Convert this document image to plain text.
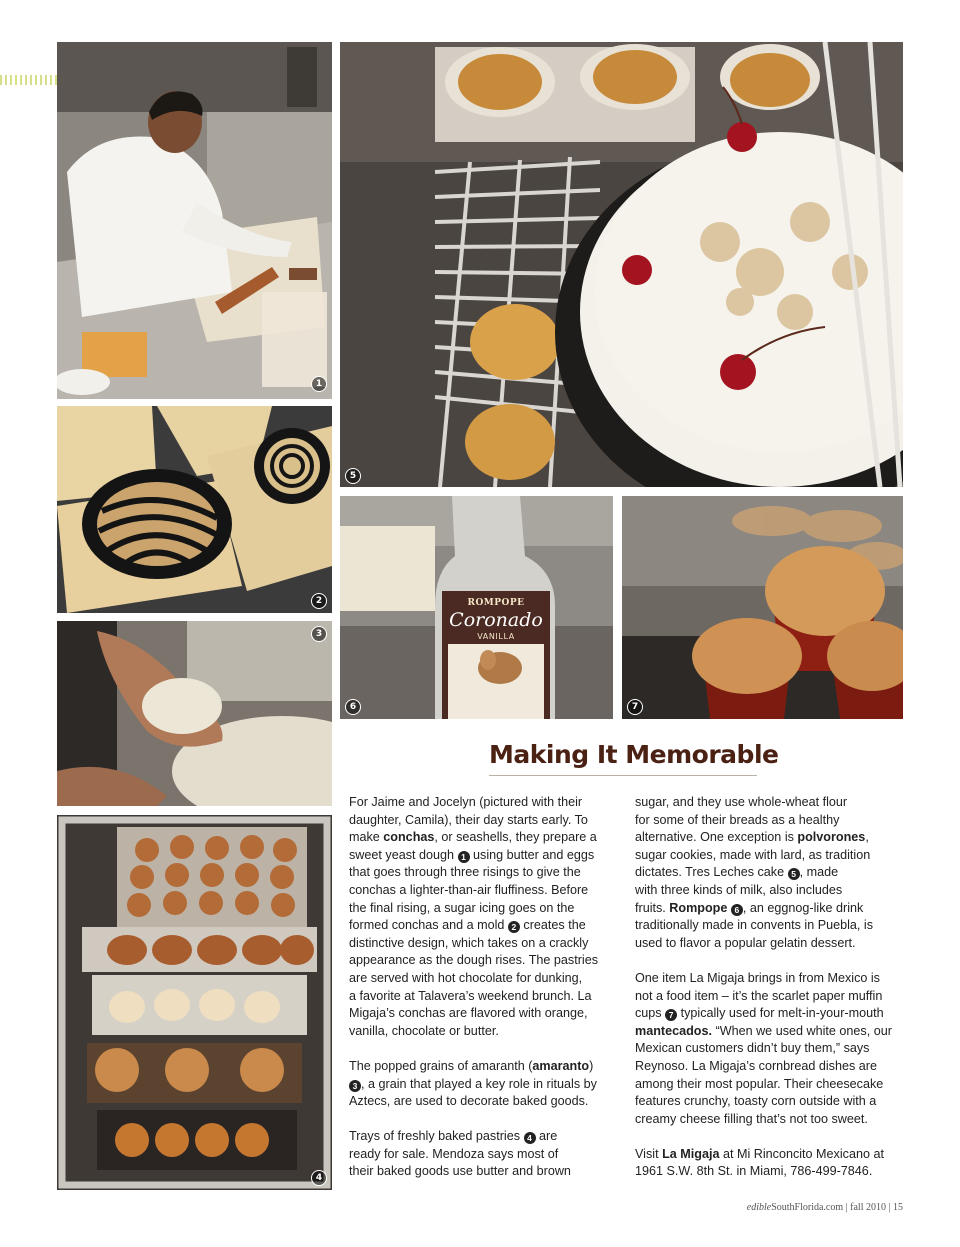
1
2
3
4
5
ROMPOPE
Coronado
VANILLA
6	7
Making It Memorable

For Jaime and Jocelyn (pictured with their
daughter, Camila), their day starts early. To
make conchas, or seashells, they prepare a
sweet yeast dough 1 using butter and eggs
that goes through three risings to give the
conchas a lighter-than-air fluffiness. Before
the final rising, a sugar icing goes on the
formed conchas and a mold 2 creates the
distinctive design, which takes on a crackly
appearance as the dough rises. The pastries
are served with hot chocolate for dunking,
a favorite at Talavera’s weekend brunch. La
Migaja’s conchas are flavored with orange,
vanilla, chocolate or butter.

The popped grains of amaranth (amaranto)
3 , a grain that played a key role in rituals by
Aztecs, are used to decorate baked goods.

Trays of freshly baked pastries 4 are
ready for sale. Mendoza says most of
their baked goods use butter and brown

sugar, and they use whole-wheat flour
for some of their breads as a healthy
alternative. One exception is polvorones,
sugar cookies, made with lard, as tradition
dictates. Tres Leches cake 5 , made
with three kinds of milk, also includes
fruits. Rompope 6 , an eggnog-like drink
traditionally made in convents in Puebla, is
used to flavor a popular gelatin dessert.

One item La Migaja brings in from Mexico is
not a food item – it’s the scarlet paper muffin
cups 7 typically used for melt-in-your-mouth
mantecados. “When we used white ones, our
Mexican customers didn’t buy them,” says
Reynoso. La Migaja’s cornbread dishes are
among their most popular. Their cheesecake
features crunchy, toasty corn outside with a
creamy cheese filling that’s not too sweet.

Visit La Migaja at Mi Rinconcito Mexicano at
1961 S.W. 8th St. in Miami, 786-499-7846.

edibleSouthFlorida.com | fall 2010 | 15
